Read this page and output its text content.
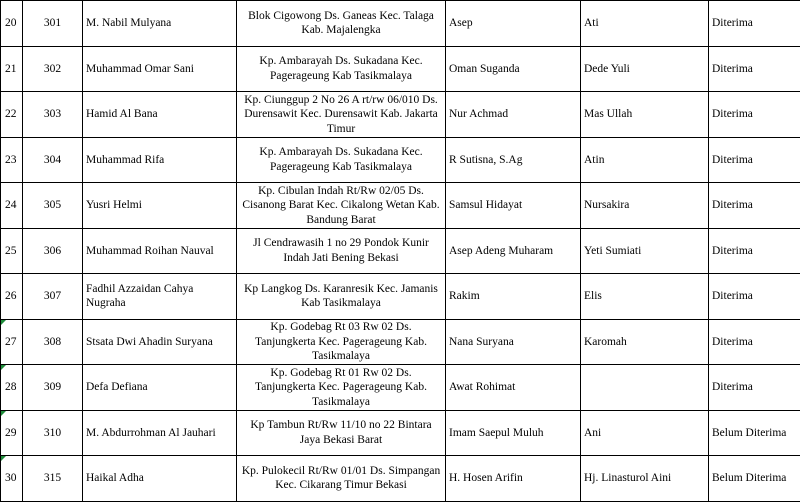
20	301	M. Nabil Mulyana	Blok Cigowong Ds. Ganeas Kec. Talaga Kab. Majalengka	Asep	Ati	Diterima
21	302	Muhammad Omar Sani	Kp. Ambarayah Ds. Sukadana Kec. Pagerageung Kab Tasikmalaya	Oman Suganda	Dede Yuli	Diterima
22	303	Hamid Al Bana	Kp. Ciunggup 2 No 26 A rt/rw 06/010 Ds. Durensawit Kec. Durensawit Kab. Jakarta Timur	Nur Achmad	Mas Ullah	Diterima
23	304	Muhammad Rifa	Kp. Ambarayah Ds. Sukadana Kec. Pagerageung Kab Tasikmalaya	R Sutisna, S.Ag	Atin	Diterima
24	305	Yusri Helmi	Kp. Cibulan Indah Rt/Rw 02/05 Ds. Cisanong Barat Kec. Cikalong Wetan Kab. Bandung Barat	Samsul Hidayat	Nursakira	Diterima
25	306	Muhammad Roihan Nauval	Jl Cendrawasih 1 no 29 Pondok Kunir Indah Jati Bening Bekasi	Asep Adeng Muharam	Yeti Sumiati	Diterima
26	307	Fadhil Azzaidan Cahya Nugraha	Kp Langkog Ds. Karanresik Kec. Jamanis Kab Tasikmalaya	Rakim	Elis	Diterima

27	308	Stsata Dwi Ahadin Suryana	Kp. Godebag Rt 03 Rw 02 Ds. Tanjungkerta Kec. Pagerageung Kab. Tasikmalaya	Nana Suryana	Karomah	Diterima

28	309	Defa Defiana	Kp. Godebag Rt 01 Rw 02 Ds. Tanjungkerta Kec. Pagerageung Kab. Tasikmalaya	Awat Rohimat		Diterima

29	310	M. Abdurrohman Al Jauhari	Kp Tambun Rt/Rw 11/10 no 22 Bintara Jaya Bekasi Barat	Imam Saepul Muluh	Ani	Belum Diterima

30	315	Haikal Adha	Kp. Pulokecil Rt/Rw 01/01 Ds. Simpangan Kec. Cikarang Timur Bekasi	H. Hosen Arifin	Hj. Linasturol Aini	Belum Diterima
